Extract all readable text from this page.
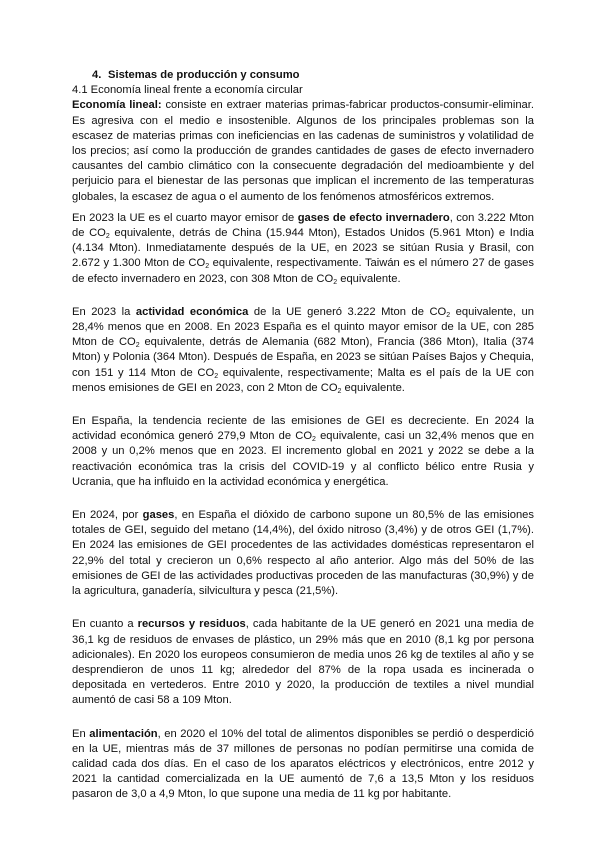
4. Sistemas de producción y consumo
4.1 Economía lineal frente a economía circular

Economía lineal: consiste en extraer materias primas-fabricar productos-consumir-eliminar. Es agresiva con el medio e insostenible. Algunos de los principales problemas son la escasez de materias primas con ineficiencias en las cadenas de suministros y volatilidad de los precios; así como la producción de grandes cantidades de gases de efecto invernadero causantes del cambio climático con la consecuente degradación del medioambiente y del perjuicio para el bienestar de las personas que implican el incremento de las temperaturas globales, la escasez de agua o el aumento de los fenómenos atmosféricos extremos.

En 2023 la UE es el cuarto mayor emisor de gases de efecto invernadero, con 3.222 Mton de $CO_2$ equivalente, detrás de China (15.944 Mton), Estados Unidos (5.961 Mton) e India (4.134 Mton). Inmediatamente después de la UE, en 2023 se sitúan Rusia y Brasil, con 2.672 y 1.300 Mton de $CO_2$ equivalente, respectivamente. Taiwán es el número 27 de gases de efecto invernadero en 2023, con 308 Mton de $CO_2$ equivalente.

En 2023 la actividad económica de la UE generó 3.222 Mton de $CO_2$ equivalente, un 28,4% menos que en 2008. En 2023 España es el quinto mayor emisor de la UE, con 285 Mton de $CO_2$ equivalente, detrás de Alemania (682 Mton), Francia (386 Mton), Italia (374 Mton) y Polonia (364 Mton). Después de España, en 2023 se sitúan Países Bajos y Chequia, con 151 y 114 Mton de $CO_2$ equivalente, respectivamente; Malta es el país de la UE con menos emisiones de GEI en 2023, con 2 Mton de $CO_2$ equivalente.

En España, la tendencia reciente de las emisiones de GEI es decreciente. En 2024 la actividad económica generó 279,9 Mton de $CO_2$ equivalente, casi un 32,4% menos que en 2008 y un 0,2% menos que en 2023. El incremento global en 2021 y 2022 se debe a la reactivación económica tras la crisis del COVID-19 y al conflicto bélico entre Rusia y Ucrania, que ha influido en la actividad económica y energética.

En 2024, por gases, en España el dióxido de carbono supone un 80,5% de las emisiones totales de GEI, seguido del metano (14,4%), del óxido nitroso (3,4%) y de otros GEI (1,7%). En 2024 las emisiones de GEI procedentes de las actividades domésticas representaron el 22,9% del total y crecieron un 0,6% respecto al año anterior. Algo más del 50% de las emisiones de GEI de las actividades productivas proceden de las manufacturas (30,9%) y de la agricultura, ganadería, silvicultura y pesca (21,5%).

En cuanto a recursos y residuos, cada habitante de la UE generó en 2021 una media de 36,1 kg de residuos de envases de plástico, un 29% más que en 2010 (8,1 kg por persona adicionales). En 2020 los europeos consumieron de media unos 26 kg de textiles al año y se desprendieron de unos 11 kg; alrededor del 87% de la ropa usada es incinerada o depositada en vertederos. Entre 2010 y 2020, la producción de textiles a nivel mundial aumentó de casi 58 a 109 Mton.

En alimentación, en 2020 el 10% del total de alimentos disponibles se perdió o desperdició en la UE, mientras más de 37 millones de personas no podían permitirse una comida de calidad cada dos días. En el caso de los aparatos eléctricos y electrónicos, entre 2012 y 2021 la cantidad comercializada en la UE aumentó de 7,6 a 13,5 Mton y los residuos pasaron de 3,0 a 4,9 Mton, lo que supone una media de 11 kg por habitante.
